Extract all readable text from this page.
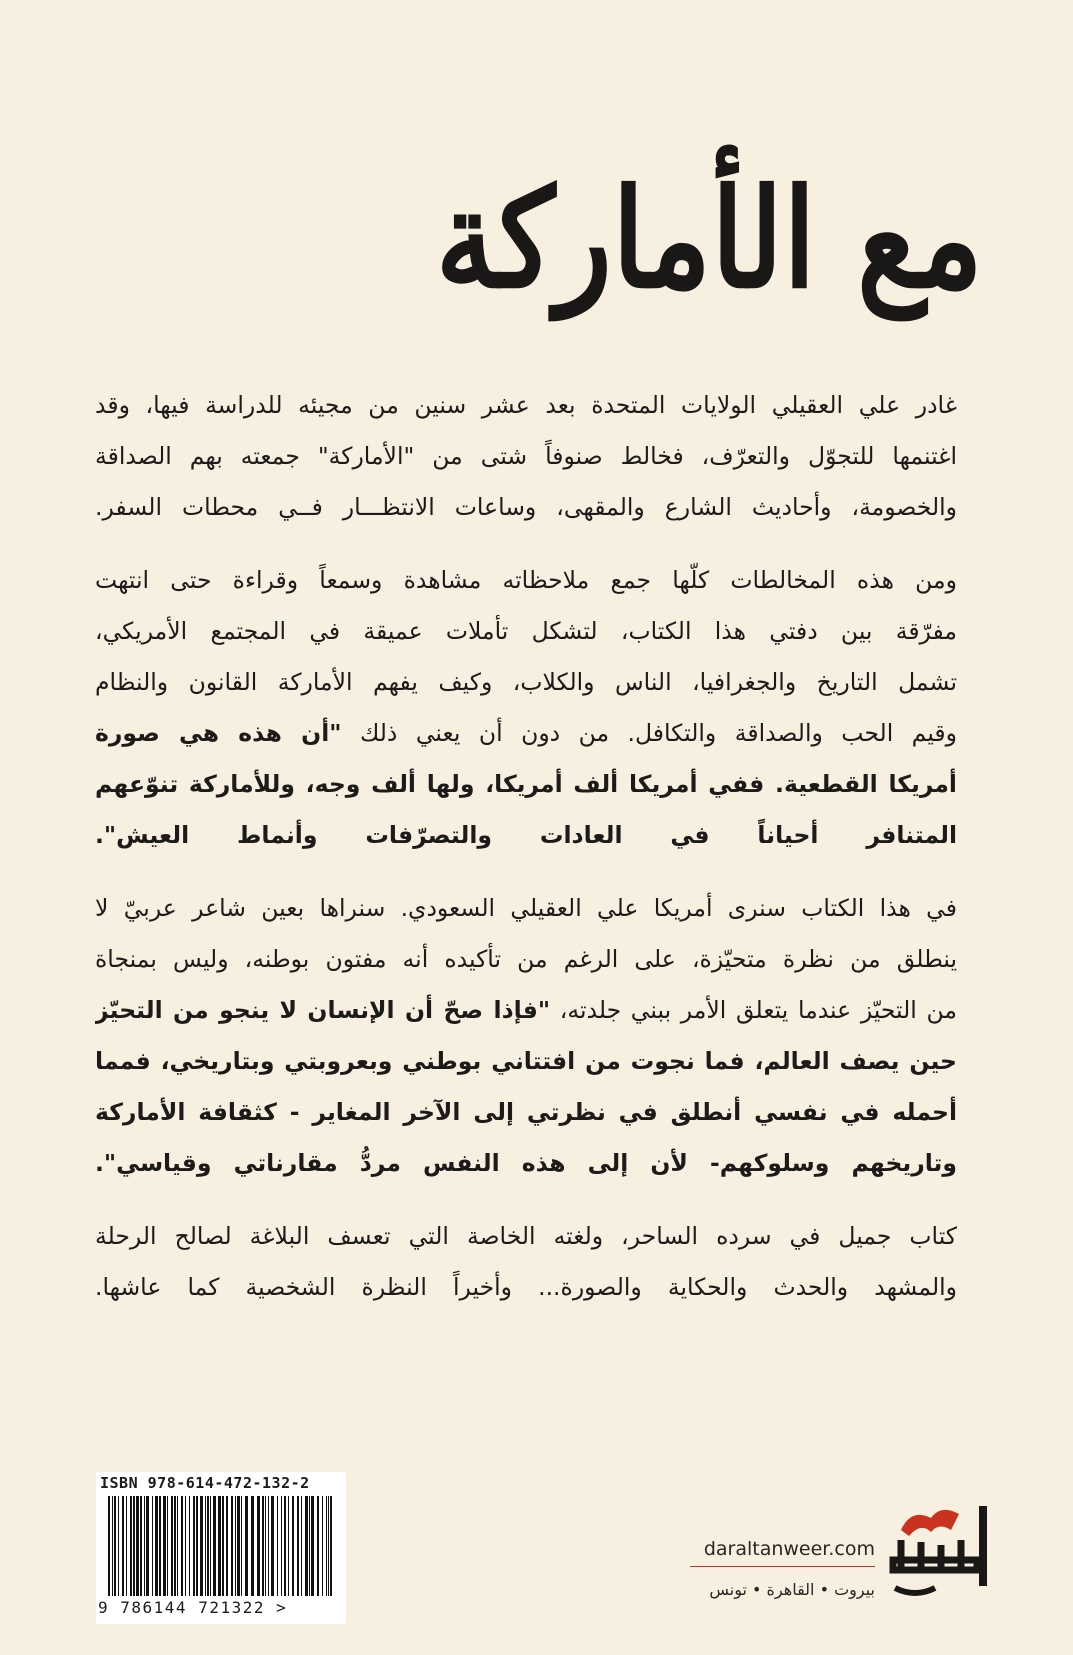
مع الأماركة
غادر علي العقيلي الولايات المتحدة بعد عشر سنين من مجيئه للدراسة فيها، وقد
اغتنمها للتجوّل والتعرّف، فخالط صنوفاً شتى من "الأماركة" جمعته بهم الصداقة
والخصومة، وأحاديث الشارع والمقهى، وساعات الانتظـــار فــي محطات السفر.
ومن هذه المخالطات كلّها جمع ملاحظاته مشاهدة وسمعاً وقراءة حتى انتهت
مفرّقة بين دفتي هذا الكتاب، لتشكل تأملات عميقة في المجتمع الأمريكي،
تشمل التاريخ والجغرافيا، الناس والكلاب، وكيف يفهم الأماركة القانون والنظام
وقيم الحب والصداقة والتكافل. من دون أن يعني ذلك "أن هذه هي صورة
أمريكا القطعية. ففي أمريكا ألف أمريكا، ولها ألف وجه، وللأماركة تنوّعهم
المتنافر أحياناً في العادات والتصرّفات وأنماط العيش".
في هذا الكتاب سنرى أمريكا علي العقيلي السعودي. سنراها بعين شاعر عربيّ لا
ينطلق من نظرة متحيّزة، على الرغم من تأكيده أنه مفتون بوطنه، وليس بمنجاة
من التحيّز عندما يتعلق الأمر ببني جلدته، "فإذا صحّ أن الإنسان لا ينجو من التحيّز
حين يصف العالم، فما نجوت من افتتاني بوطني وبعروبتي وبتاريخي، فمما
أحمله في نفسي أنطلق في نظرتي إلى الآخر المغاير - كثقافة الأماركة
وتاريخهم وسلوكهم- لأن إلى هذه النفس مردُّ مقارناتي وقياسي".
كتاب جميل في سرده الساحر، ولغته الخاصة التي تعسف البلاغة لصالح الرحلة
والمشهد والحدث والحكاية والصورة... وأخيراً النظرة الشخصية كما عاشها.
ISBN 978-614-472-132-2
9 786144 721322 >
daraltanweer.com
بيروت • القاهرة • تونس
